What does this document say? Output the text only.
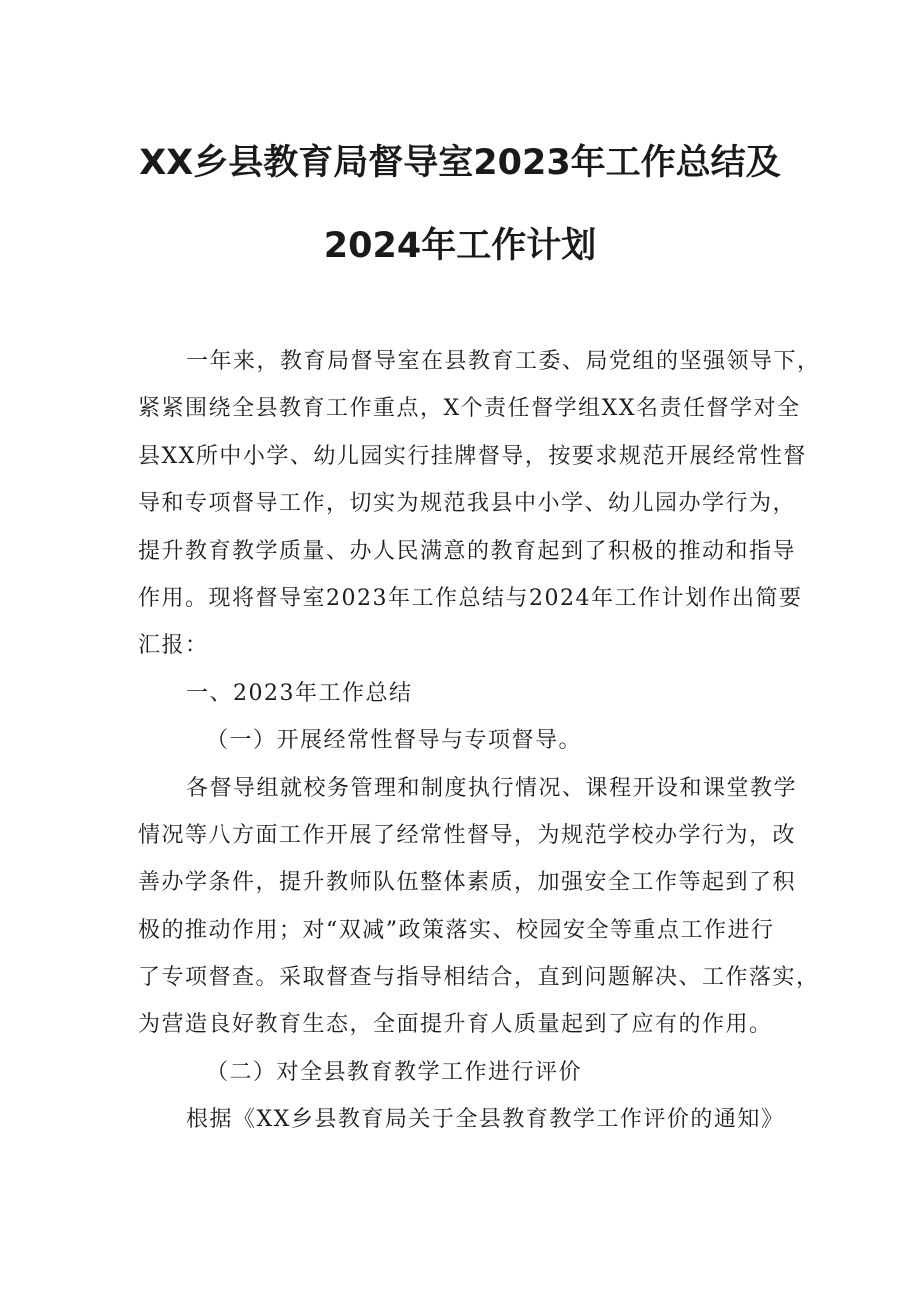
XX乡县教育局督导室2023年工作总结及
2024年工作计划
一年来，教育局督导室在县教育工委、局党组的坚强领导下，
紧紧围绕全县教育工作重点，X个责任督学组XX名责任督学对全
县XX所中小学、幼儿园实行挂牌督导，按要求规范开展经常性督
导和专项督导工作，切实为规范我县中小学、幼儿园办学行为，
提升教育教学质量、办人民满意的教育起到了积极的推动和指导
作用。现将督导室2023年工作总结与2024年工作计划作出简要
汇报：
一、2023年工作总结
（一）开展经常性督导与专项督导。
各督导组就校务管理和制度执行情况、课程开设和课堂教学
情况等八方面工作开展了经常性督导，为规范学校办学行为，改
善办学条件，提升教师队伍整体素质，加强安全工作等起到了积
极的推动作用；对“双减”政策落实、校园安全等重点工作进行
了专项督查。采取督查与指导相结合，直到问题解决、工作落实，
为营造良好教育生态，全面提升育人质量起到了应有的作用。
（二）对全县教育教学工作进行评价
根据《XX乡县教育局关于全县教育教学工作评价的通知》
